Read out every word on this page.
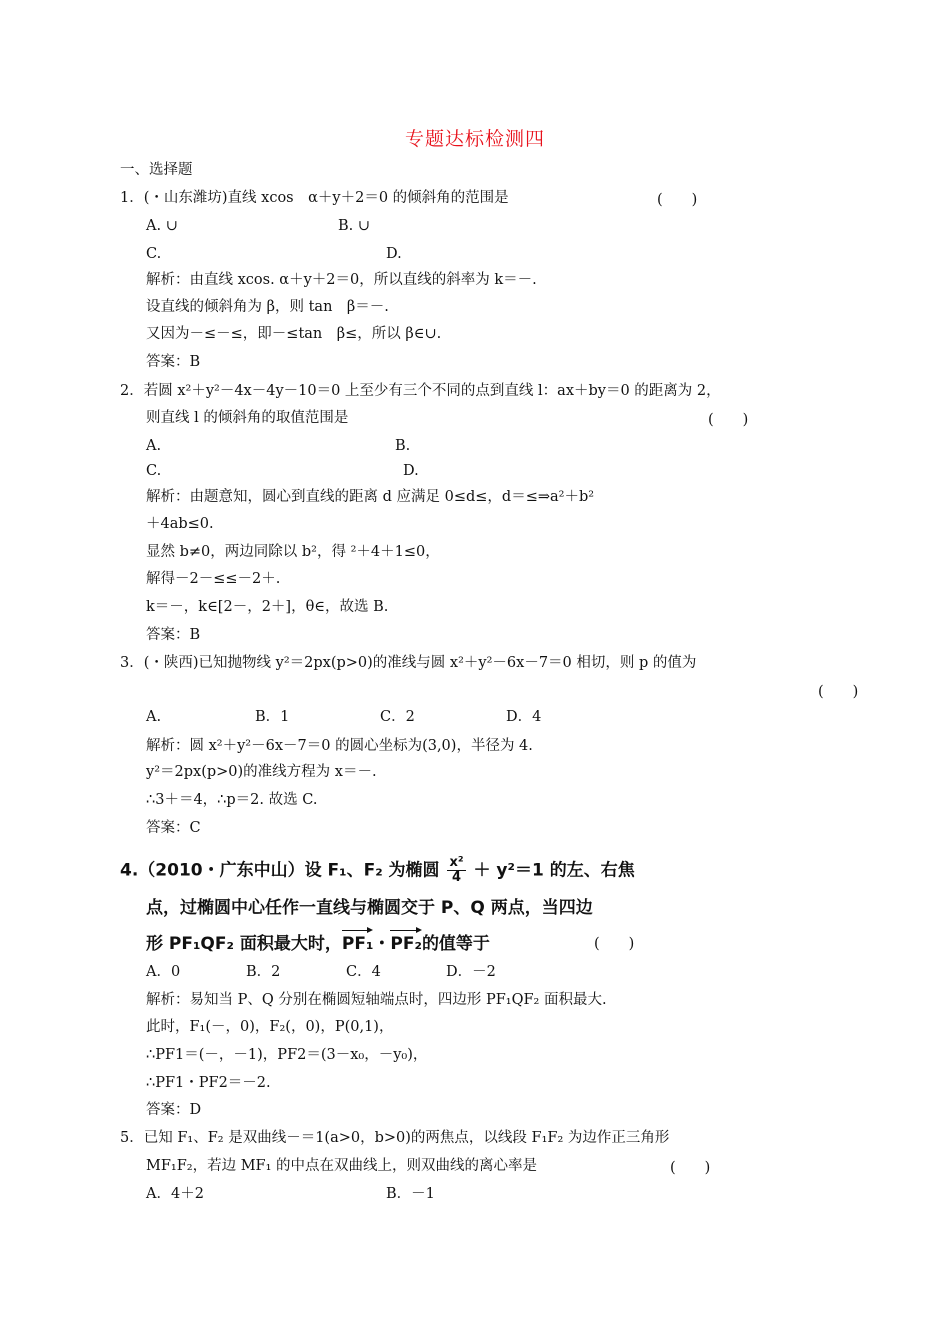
专题达标检测四
一、选择题
1．(・山东潍坊)直线 xcos　α＋y＋2＝0 的倾斜角的范围是	(　　)
A. ∪	B. ∪
C.	D.
解析：由直线 xcos. α＋y＋2＝0，所以直线的斜率为 k＝－.
设直线的倾斜角为 β，则 tan　β＝－.
又因为－≤－≤，即－≤tan　β≤，所以 β∈∪.
答案：B
2．若圆 x²＋y²－4x－4y－10＝0 上至少有三个不同的点到直线 l：ax＋by＝0 的距离为 2，
则直线 l 的倾斜角的取值范围是	(　　)
A.	B.
C.	D.
解析：由题意知，圆心到直线的距离 d 应满足 0≤d≤，d＝≤⇒a²＋b²
＋4ab≤0.
显然 b≠0，两边同除以 b²，得 ²＋4＋1≤0，
解得－2－≤≤－2＋.
k＝－，k∈[2－，2＋]，θ∈，故选 B.
答案：B
3．(・陕西)已知抛物线 y²＝2px(p>0)的准线与圆 x²＋y²－6x－7＝0 相切，则 p 的值为
(　　)
A.	B．1	C．2	D．4
解析：圆 x²＋y²－6x－7＝0 的圆心坐标为(3,0)，半径为 4.
y²＝2px(p>0)的准线方程为 x＝－.
∴3＋＝4，∴p＝2. 故选 C.
答案：C
4.（2010・广东中山）设 F₁、F₂ 为椭圆 $\frac{\text{x²}}{4} + y^2=1$ 的左、右焦
点，过椭圆中心任作一直线与椭圆交于 P、Q 两点，当四边
形 PF₁QF₂ 面积最大时，PF₁・PF₂的值等于	(　　)
A．0	B．2	C．4	D．－2
解析：易知当 P、Q 分别在椭圆短轴端点时，四边形 PF₁QF₂ 面积最大.
此时，F₁(－，0)，F₂(，0)，P(0,1)，
∴PF1＝(－，－1)，PF2＝(3－x₀，－y₀)，
∴PF1・PF2＝－2.
答案：D
5．已知 F₁、F₂ 是双曲线－＝1(a>0，b>0)的两焦点，以线段 F₁F₂ 为边作正三角形
MF₁F₂，若边 MF₁ 的中点在双曲线上，则双曲线的离心率是	(　　)
A．4＋2	B．－1
